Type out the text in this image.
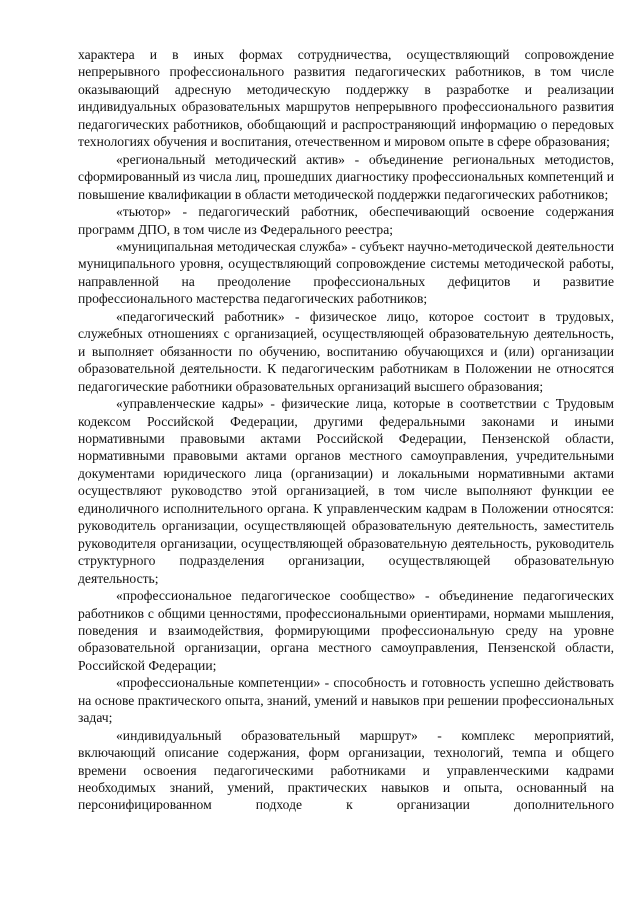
характера и в иных формах сотрудничества, осуществляющий сопровождение непрерывного профессионального развития педагогических работников, в том числе оказывающий адресную методическую поддержку в разработке и реализации индивидуальных образовательных маршрутов непрерывного профессионального развития педагогических работников, обобщающий и распространяющий информацию о передовых технологиях обучения и воспитания, отечественном и мировом опыте в сфере образования;

«региональный методический актив» - объединение региональных методистов, сформированный из числа лиц, прошедших диагностику профессиональных компетенций и повышение квалификации в области методической поддержки педагогических работников;

«тьютор» - педагогический работник, обеспечивающий освоение содержания программ ДПО, в том числе из Федерального реестра;

«муниципальная методическая служба» - субъект научно-методической деятельности муниципального уровня, осуществляющий сопровождение системы методической работы, направленной на преодоление профессиональных дефицитов и развитие профессионального мастерства педагогических работников;

«педагогический работник» - физическое лицо, которое состоит в трудовых, служебных отношениях с организацией, осуществляющей образовательную деятельность, и выполняет обязанности по обучению, воспитанию обучающихся и (или) организации образовательной деятельности. К педагогическим работникам в Положении не относятся педагогические работники образовательных организаций высшего образования;

«управленческие кадры» - физические лица, которые в соответствии с Трудовым кодексом Российской Федерации, другими федеральными законами и иными нормативными правовыми актами Российской Федерации, Пензенской области, нормативными правовыми актами органов местного самоуправления, учредительными документами юридического лица (организации) и локальными нормативными актами осуществляют руководство этой организацией, в том числе выполняют функции ее единоличного исполнительного органа. К управленческим кадрам в Положении относятся: руководитель организации, осуществляющей образовательную деятельность, заместитель руководителя организации, осуществляющей образовательную деятельность, руководитель структурного подразделения организации, осуществляющей образовательную деятельность;

«профессиональное педагогическое сообщество» - объединение педагогических работников с общими ценностями, профессиональными ориентирами, нормами мышления, поведения и взаимодействия, формирующими профессиональную среду на уровне образовательной организации, органа местного самоуправления, Пензенской области, Российской Федерации;

«профессиональные компетенции» - способность и готовность успешно действовать на основе практического опыта, знаний, умений и навыков при решении профессиональных задач;

«индивидуальный образовательный маршрут» - комплекс мероприятий, включающий описание содержания, форм организации, технологий, темпа и общего времени освоения педагогическими работниками и управленческими кадрами необходимых знаний, умений, практических навыков и опыта, основанный на персонифицированном подходе к организации дополнительного
